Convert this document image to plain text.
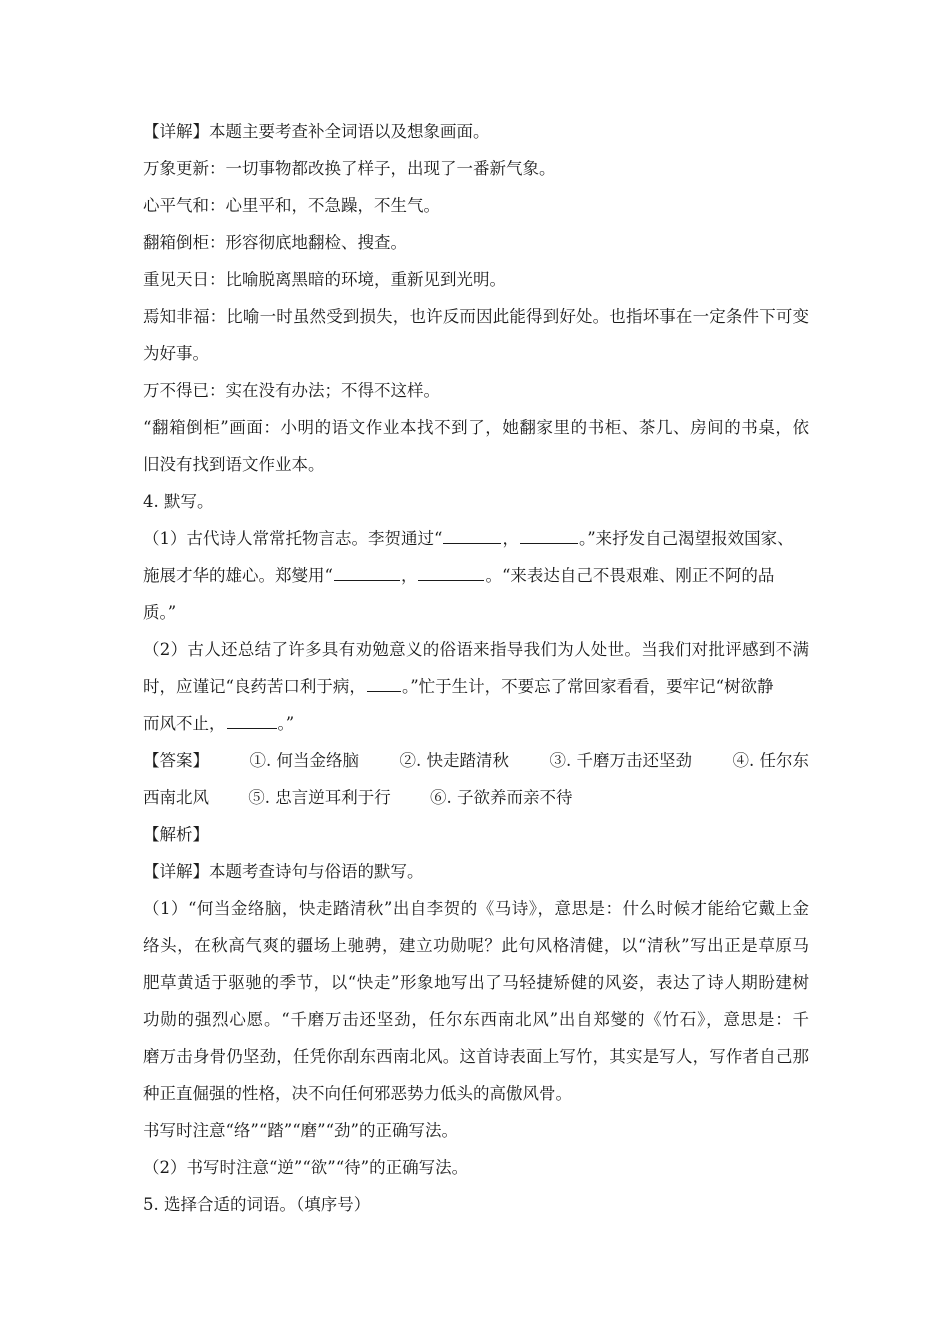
【详解】本题主要考查补全词语以及想象画面。
万象更新：一切事物都改换了样子，出现了一番新气象。
心平气和：心里平和，不急躁，不生气。
翻箱倒柜：形容彻底地翻检、搜查。
重见天日：比喻脱离黑暗的环境，重新见到光明。
焉知非福：比喻一时虽然受到损失，也许反而因此能得到好处。也指坏事在一定条件下可变
为好事。
万不得已：实在没有办法；不得不这样。
“翻箱倒柜”画面：小明的语文作业本找不到了，她翻家里的书柜、茶几、房间的书桌，依
旧没有找到语文作业本。
4. 默写。
（1）古代诗人常常托物言志。李贺通过“	，	。”来抒发自己渴望报效国家、
施展才华的雄心。郑燮用“	，	。“来表达自己不畏艰难、刚正不阿的品
质。”
（2）古人还总结了许多具有劝勉意义的俗语来指导我们为人处世。当我们对批评感到不满
时，应谨记“良药苦口利于病， 。”忙于生计，不要忘了常回家看看，要牢记“树欲静
而风不止，	。”
【答案】 ①. 何当金络脑 ②. 快走踏清秋 ③. 千磨万击还坚劲 ④. 任尔东
西南北风 ⑤. 忠言逆耳利于行 ⑥. 子欲养而亲不待
【解析】
【详解】本题考查诗句与俗语的默写。
（1）“何当金络脑，快走踏清秋”出自李贺的《马诗》，意思是：什么时候才能给它戴上金
络头，在秋高气爽的疆场上驰骋，建立功勋呢？此句风格清健，以“清秋”写出正是草原马
肥草黄适于驱驰的季节，以“快走”形象地写出了马轻捷矫健的风姿，表达了诗人期盼建树
功勋的强烈心愿。“千磨万击还坚劲，任尔东西南北风”出自郑燮的《竹石》，意思是：千
磨万击身骨仍坚劲，任凭你刮东西南北风。这首诗表面上写竹，其实是写人，写作者自己那
种正直倔强的性格，决不向任何邪恶势力低头的高傲风骨。
书写时注意“络”“踏”“磨”“劲”的正确写法。
（2）书写时注意“逆”“欲”“待”的正确写法。
5. 选择合适的词语。（填序号）
